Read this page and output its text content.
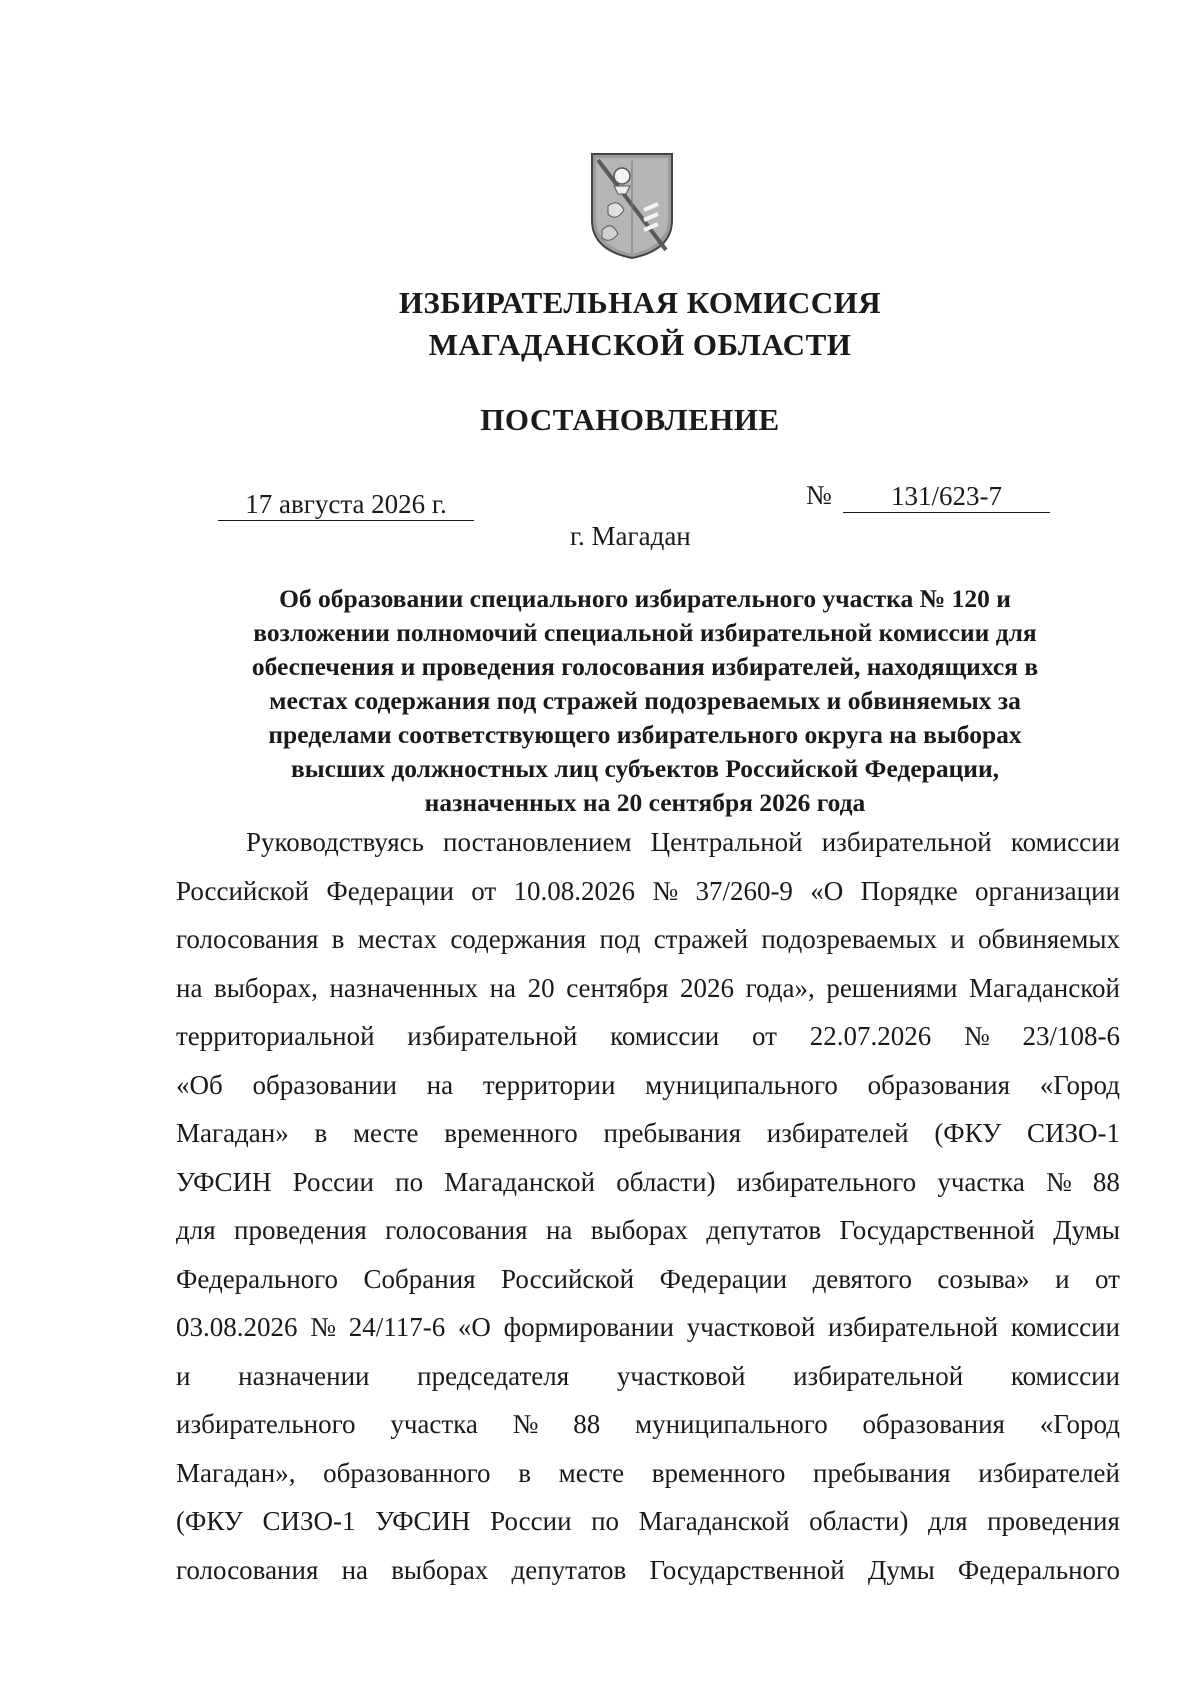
ИЗБИРАТЕЛЬНАЯ КОМИССИЯ
МАГАДАНСКОЙ ОБЛАСТИ
ПОСТАНОВЛЕНИЕ
17 августа 2026 г.	№	131/623-7
г. Магадан
Об образовании специального избирательного участка № 120 и
возложении полномочий специальной избирательной комиссии для
обеспечения и проведения голосования избирателей, находящихся в
местах содержания под стражей подозреваемых и обвиняемых за
пределами соответствующего избирательного округа на выборах
высших должностных лиц субъектов Российской Федерации,
назначенных на 20 сентября 2026 года
Руководствуясь постановлением Центральной избирательной комиссии
Российской Федерации от 10.08.2026 № 37/260-9 «О Порядке организации
голосования в местах содержания под стражей подозреваемых и обвиняемых
на выборах, назначенных на 20 сентября 2026 года», решениями Магаданской
территориальной избирательной комиссии от 22.07.2026 № 23/108-6
«Об образовании на территории муниципального образования «Город
Магадан» в месте временного пребывания избирателей (ФКУ СИЗО-1
УФСИН России по Магаданской области) избирательного участка № 88
для проведения голосования на выборах депутатов Государственной Думы
Федерального Собрания Российской Федерации девятого созыва» и от
03.08.2026 № 24/117-6 «О формировании участковой избирательной комиссии
и назначении председателя участковой избирательной комиссии
избирательного участка № 88 муниципального образования «Город
Магадан», образованного в месте временного пребывания избирателей
(ФКУ СИЗО-1 УФСИН России по Магаданской области) для проведения
голосования на выборах депутатов Государственной Думы Федерального
